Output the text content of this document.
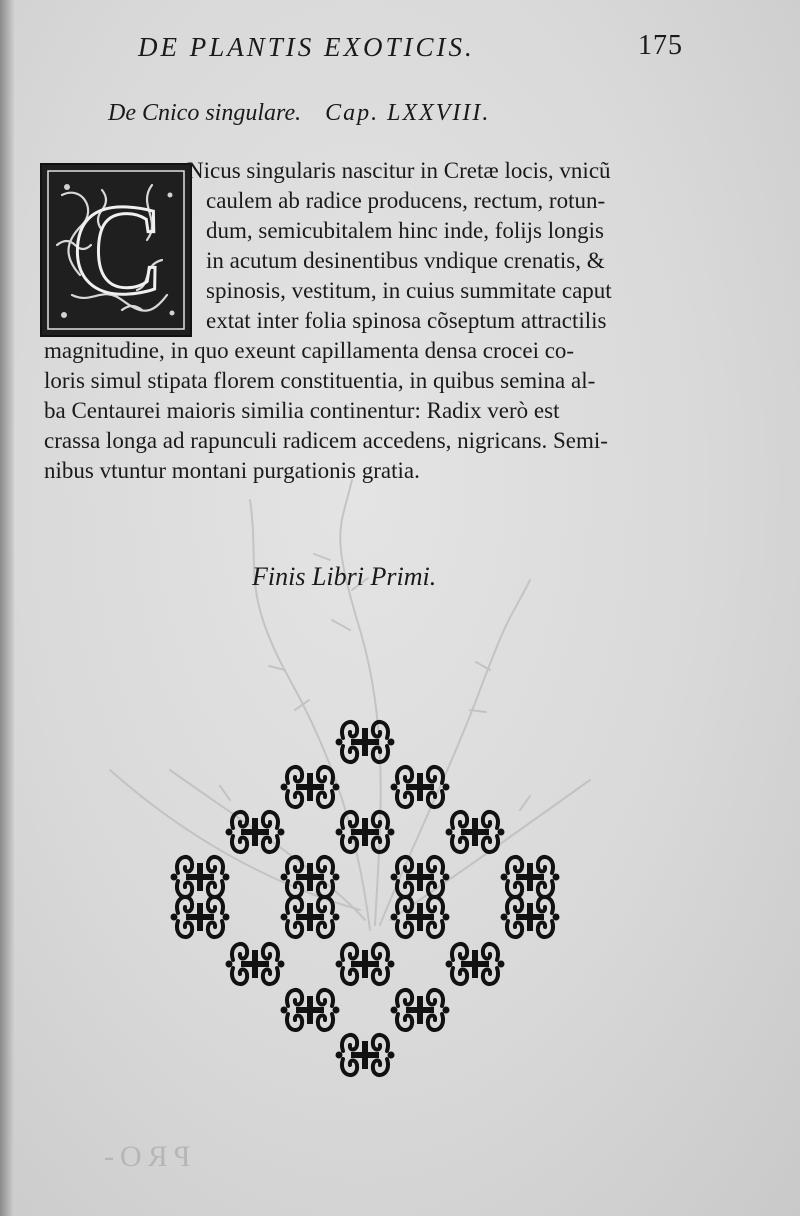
DE PLANTIS EXOTICIS.	175
De Cnico singulare. Cap. LXXVIII.
C
Nicus singularis nascitur in Cretæ locis, vnicũ
caulem ab radice producens, rectum, rotun-
dum, semicubitalem hinc inde, folijs longis
in acutum desinentibus vndique crenatis, &
spinosis, vestitum, in cuius summitate caput
extat inter folia spinosa cõseptum attractilis
magnitudine, in quo exeunt capillamenta densa crocei co-
loris simul stipata florem constituentia, in quibus semina al-
ba Centaurei maioris similia continentur: Radix verò est
crassa longa ad rapunculi radicem accedens, nigricans. Semi-
nibus vtuntur montani purgationis gratia.
Finis Libri Primi.
PRO-
